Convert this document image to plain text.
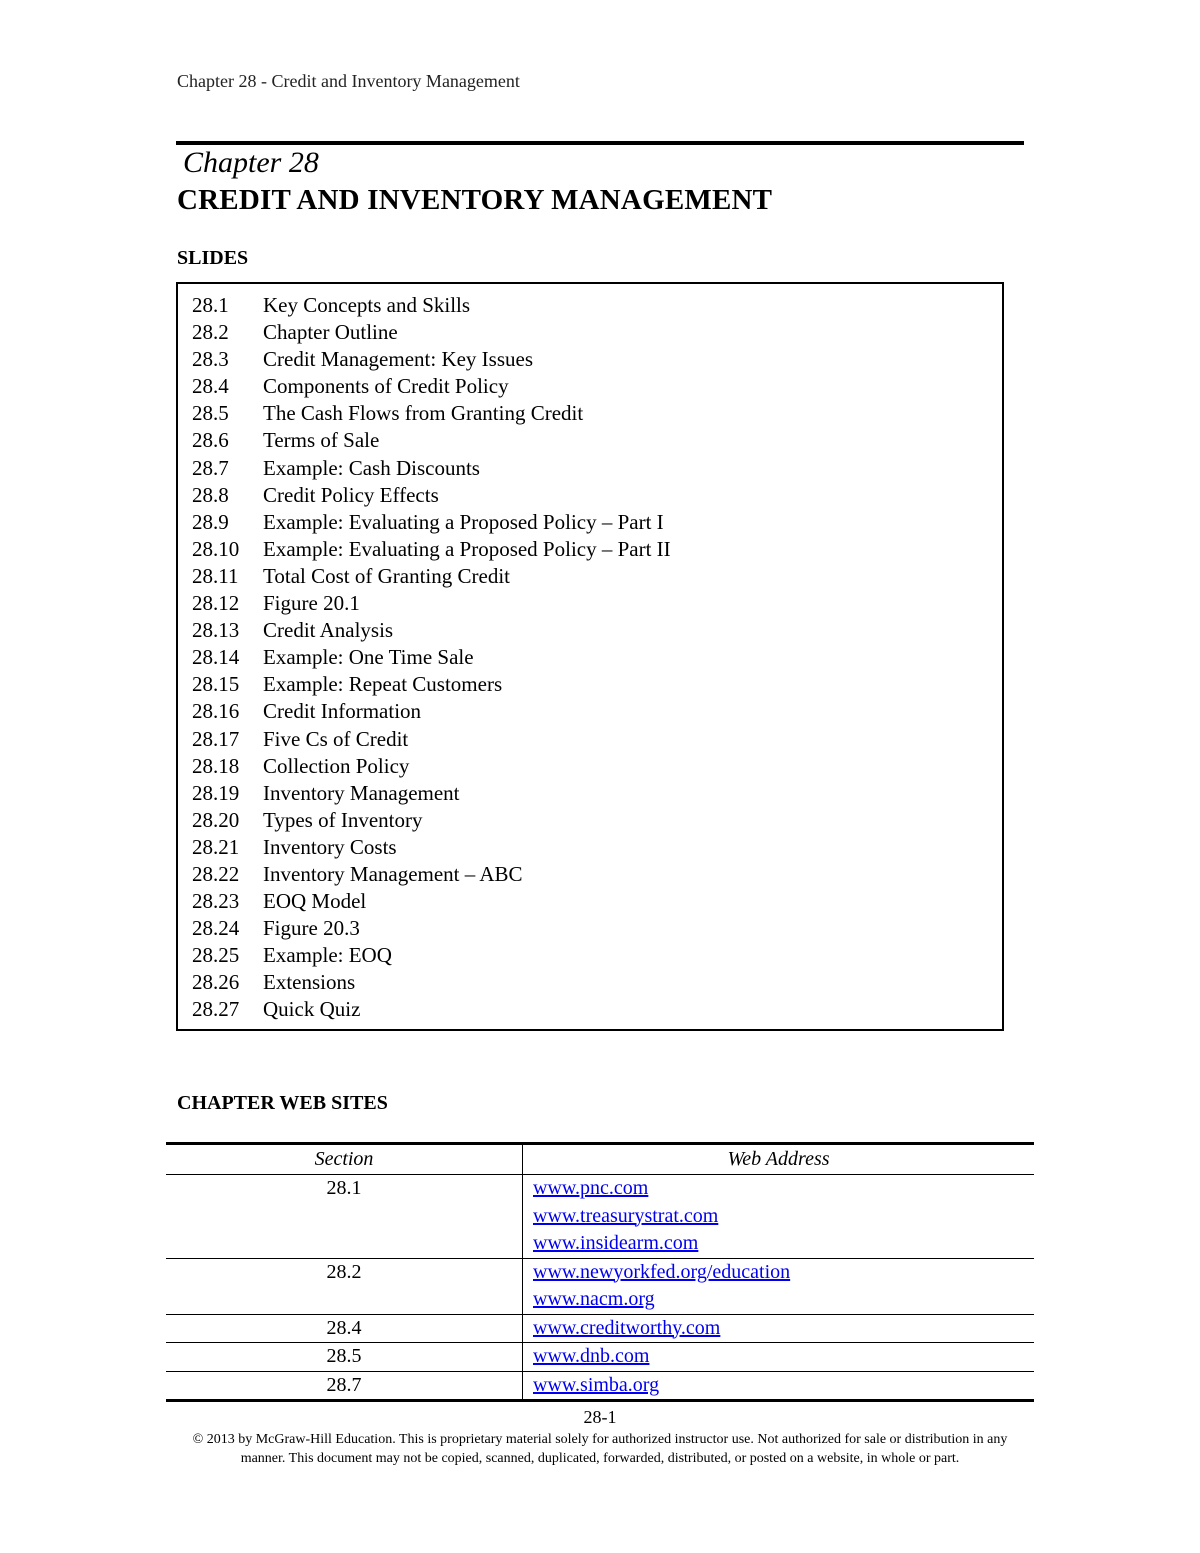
Chapter 28 - Credit and Inventory Management
Chapter 28
CREDIT AND INVENTORY MANAGEMENT
SLIDES
28.1 Key Concepts and Skills
28.2 Chapter Outline
28.3 Credit Management: Key Issues
28.4 Components of Credit Policy
28.5 The Cash Flows from Granting Credit
28.6 Terms of Sale
28.7 Example: Cash Discounts
28.8 Credit Policy Effects
28.9 Example: Evaluating a Proposed Policy – Part I
28.10 Example: Evaluating a Proposed Policy – Part II
28.11 Total Cost of Granting Credit
28.12 Figure 20.1
28.13 Credit Analysis
28.14 Example: One Time Sale
28.15 Example: Repeat Customers
28.16 Credit Information
28.17 Five Cs of Credit
28.18 Collection Policy
28.19 Inventory Management
28.20 Types of Inventory
28.21 Inventory Costs
28.22 Inventory Management – ABC
28.23 EOQ Model
28.24 Figure 20.3
28.25 Example: EOQ
28.26 Extensions
28.27 Quick Quiz
CHAPTER WEB SITES
Section	Web Address
28.1	www.pnc.com
www.treasurystrat.com
www.insidearm.com

28.2	www.newyorkfed.org/education
www.nacm.org

28.4	www.creditworthy.com

28.5	www.dnb.com

28.7	www.simba.org
28-1
© 2013 by McGraw-Hill Education. This is proprietary material solely for authorized instructor use. Not authorized for sale or distribution in any manner. This document may not be copied, scanned, duplicated, forwarded, distributed, or posted on a website, in whole or part.
